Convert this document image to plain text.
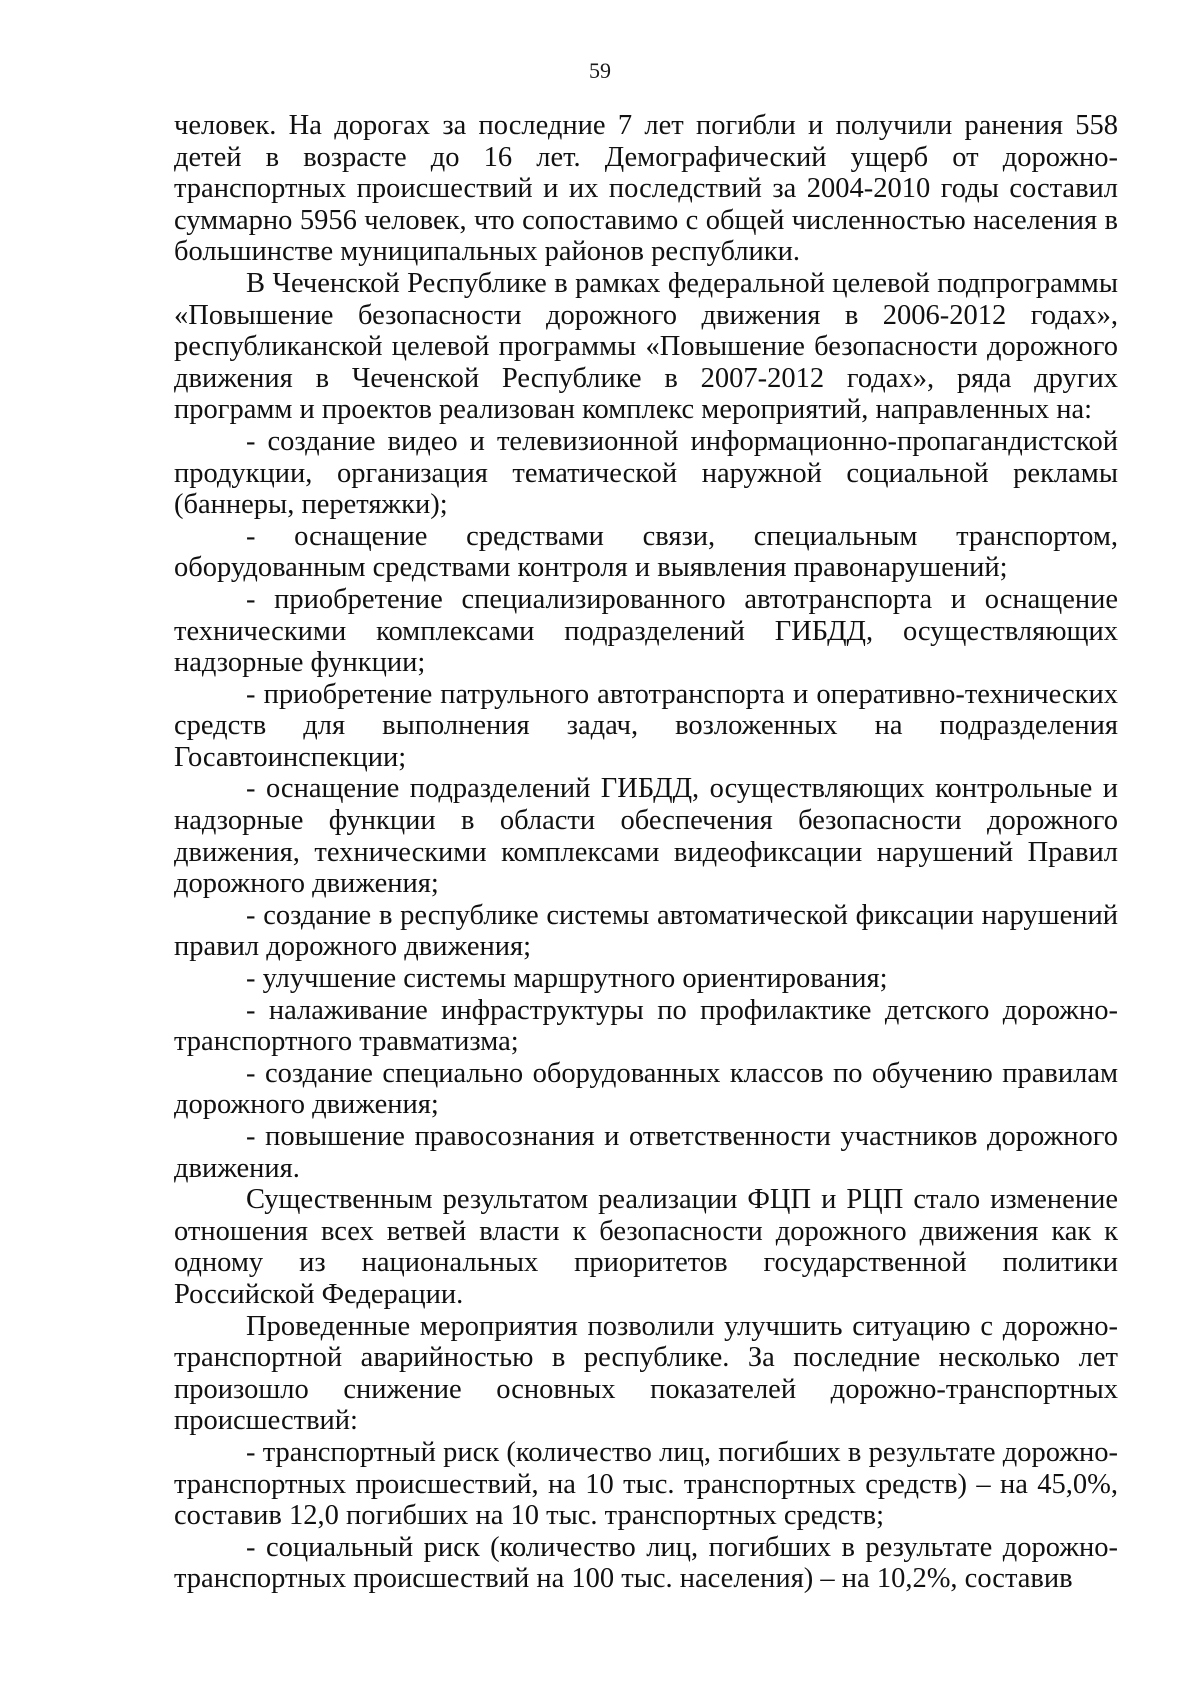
59

человек. На дорогах за последние 7 лет погибли и получили ранения 558 детей в возрасте до 16 лет. Демографический ущерб от дорожно-транспортных происшествий и их последствий за 2004-2010 годы составил суммарно 5956 человек, что сопоставимо с общей численностью населения в большинстве муниципальных районов республики.

В Чеченской Республике в рамках федеральной целевой подпрограммы «Повышение безопасности дорожного движения в 2006-2012 годах», республиканской целевой программы «Повышение безопасности дорожного движения в Чеченской Республике в 2007-2012 годах», ряда других программ и проектов реализован комплекс мероприятий, направленных на:

- создание видео и телевизионной информационно-пропагандистской продукции, организация тематической наружной социальной рекламы (баннеры, перетяжки);

- оснащение средствами связи, специальным транспортом, оборудованным средствами контроля и выявления правонарушений;

- приобретение специализированного автотранспорта и оснащение техническими комплексами подразделений ГИБДД, осуществляющих надзорные функции;

- приобретение патрульного автотранспорта и оперативно-технических средств для выполнения задач, возложенных на подразделения Госавтоинспекции;

- оснащение подразделений ГИБДД, осуществляющих контрольные и надзорные функции в области обеспечения безопасности дорожного движения, техническими комплексами видеофиксации нарушений Правил дорожного движения;

- создание в республике системы автоматической фиксации нарушений правил дорожного движения;

- улучшение системы маршрутного ориентирования;

- налаживание инфраструктуры по профилактике детского дорожно-транспортного травматизма;

- создание специально оборудованных классов по обучению правилам дорожного движения;

- повышение правосознания и ответственности участников дорожного движения.

Существенным результатом реализации ФЦП и РЦП стало изменение отношения всех ветвей власти к безопасности дорожного движения как к одному из национальных приоритетов государственной политики Российской Федерации.

Проведенные мероприятия позволили улучшить ситуацию с дорожно-транспортной аварийностью в республике. За последние несколько лет произошло снижение основных показателей дорожно-транспортных происшествий:

- транспортный риск (количество лиц, погибших в результате дорожно-транспортных происшествий, на 10 тыс. транспортных средств) – на 45,0%, составив 12,0 погибших на 10 тыс. транспортных средств;

- социальный риск (количество лиц, погибших в результате дорожно-транспортных происшествий на 100 тыс. населения) – на 10,2%, составив
